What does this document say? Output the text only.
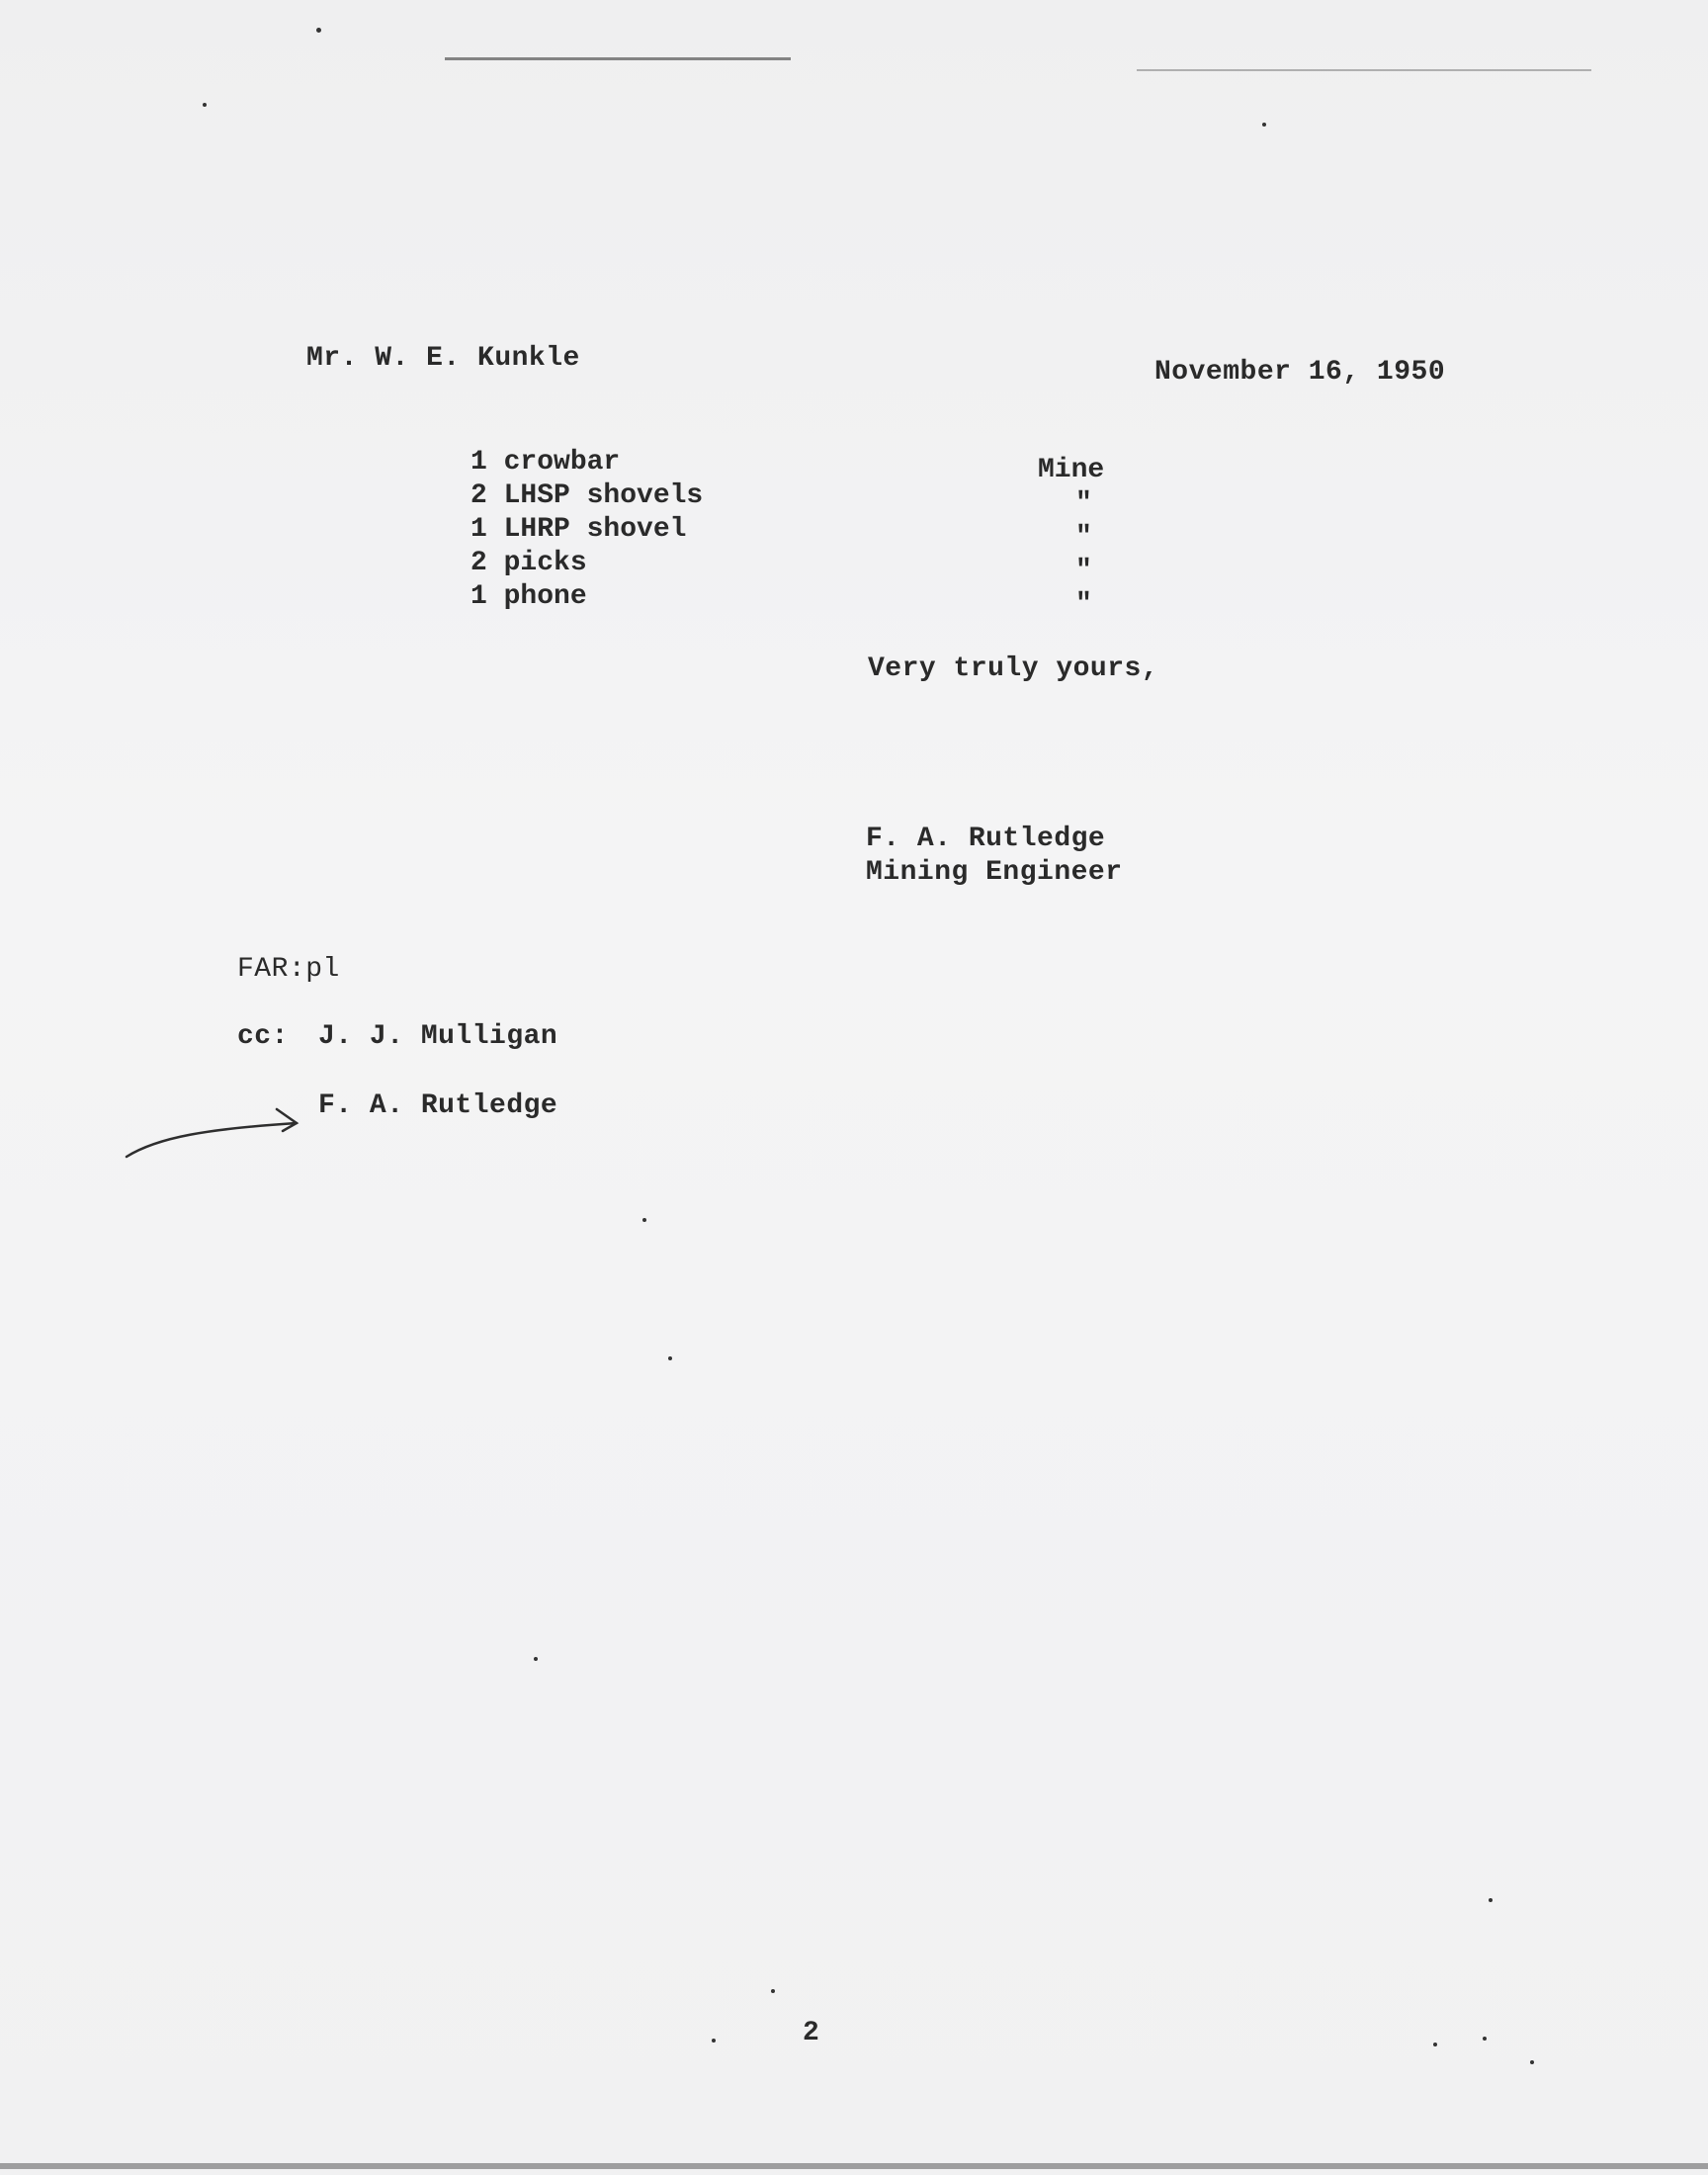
Mr. W. E. Kunkle	November 16, 1950
1 crowbar	Mine
2 LHSP shovels	"
1 LHRP shovel	"
2 picks	"
1 phone	"
Very truly yours,
F. A. Rutledge
Mining Engineer
FAR:pl
cc: J. J. Mulligan
F. A. Rutledge
2
